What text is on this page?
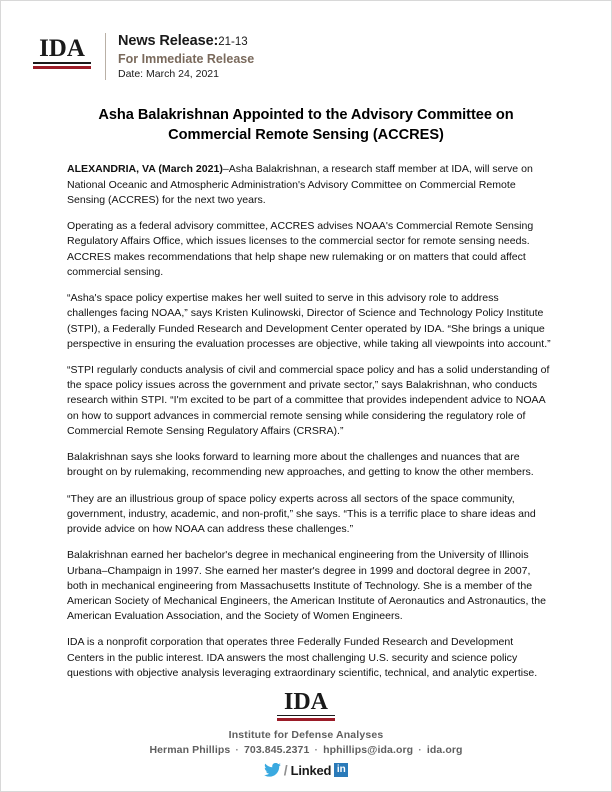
IDA	News Release:21-13
For Immediate Release
Date: March 24, 2021
Asha Balakrishnan Appointed to the Advisory Committee on Commercial Remote Sensing (ACCRES)

ALEXANDRIA, VA (March 2021)–Asha Balakrishnan, a research staff member at IDA, will serve on National Oceanic and Atmospheric Administration's Advisory Committee on Commercial Remote Sensing (ACCRES) for the next two years.

Operating as a federal advisory committee, ACCRES advises NOAA's Commercial Remote Sensing Regulatory Affairs Office, which issues licenses to the commercial sector for remote sensing needs. ACCRES makes recommendations that help shape new rulemaking or on matters that could affect commercial sensing.

“Asha's space policy expertise makes her well suited to serve in this advisory role to address challenges facing NOAA,” says Kristen Kulinowski, Director of Science and Technology Policy Institute (STPI), a Federally Funded Research and Development Center operated by IDA. “She brings a unique perspective in ensuring the evaluation processes are objective, while taking all viewpoints into account.”

“STPI regularly conducts analysis of civil and commercial space policy and has a solid understanding of the space policy issues across the government and private sector,” says Balakrishnan, who conducts research within STPI. “I'm excited to be part of a committee that provides independent advice to NOAA on how to support advances in commercial remote sensing while considering the regulatory role of Commercial Remote Sensing Regulatory Affairs (CRSRA).”

Balakrishnan says she looks forward to learning more about the challenges and nuances that are brought on by rulemaking, recommending new approaches, and getting to know the other members.

“They are an illustrious group of space policy experts across all sectors of the space community, government, industry, academic, and non-profit,” she says. “This is a terrific place to share ideas and provide advice on how NOAA can address these challenges.”

Balakrishnan earned her bachelor's degree in mechanical engineering from the University of Illinois Urbana–Champaign in 1997. She earned her master's degree in 1999 and doctoral degree in 2007, both in mechanical engineering from Massachusetts Institute of Technology. She is a member of the American Society of Mechanical Engineers, the American Institute of Aeronautics and Astronautics, the American Evaluation Association, and the Society of Women Engineers.

IDA is a nonprofit corporation that operates three Federally Funded Research and Development Centers in the public interest. IDA answers the most challenging U.S. security and science policy questions with objective analysis leveraging extraordinary scientific, technical, and analytic expertise.

IDA
Institute for Defense Analyses
Herman Phillips · 703.845.2371 · hphillips@ida.org · ida.org
/ Linked in
